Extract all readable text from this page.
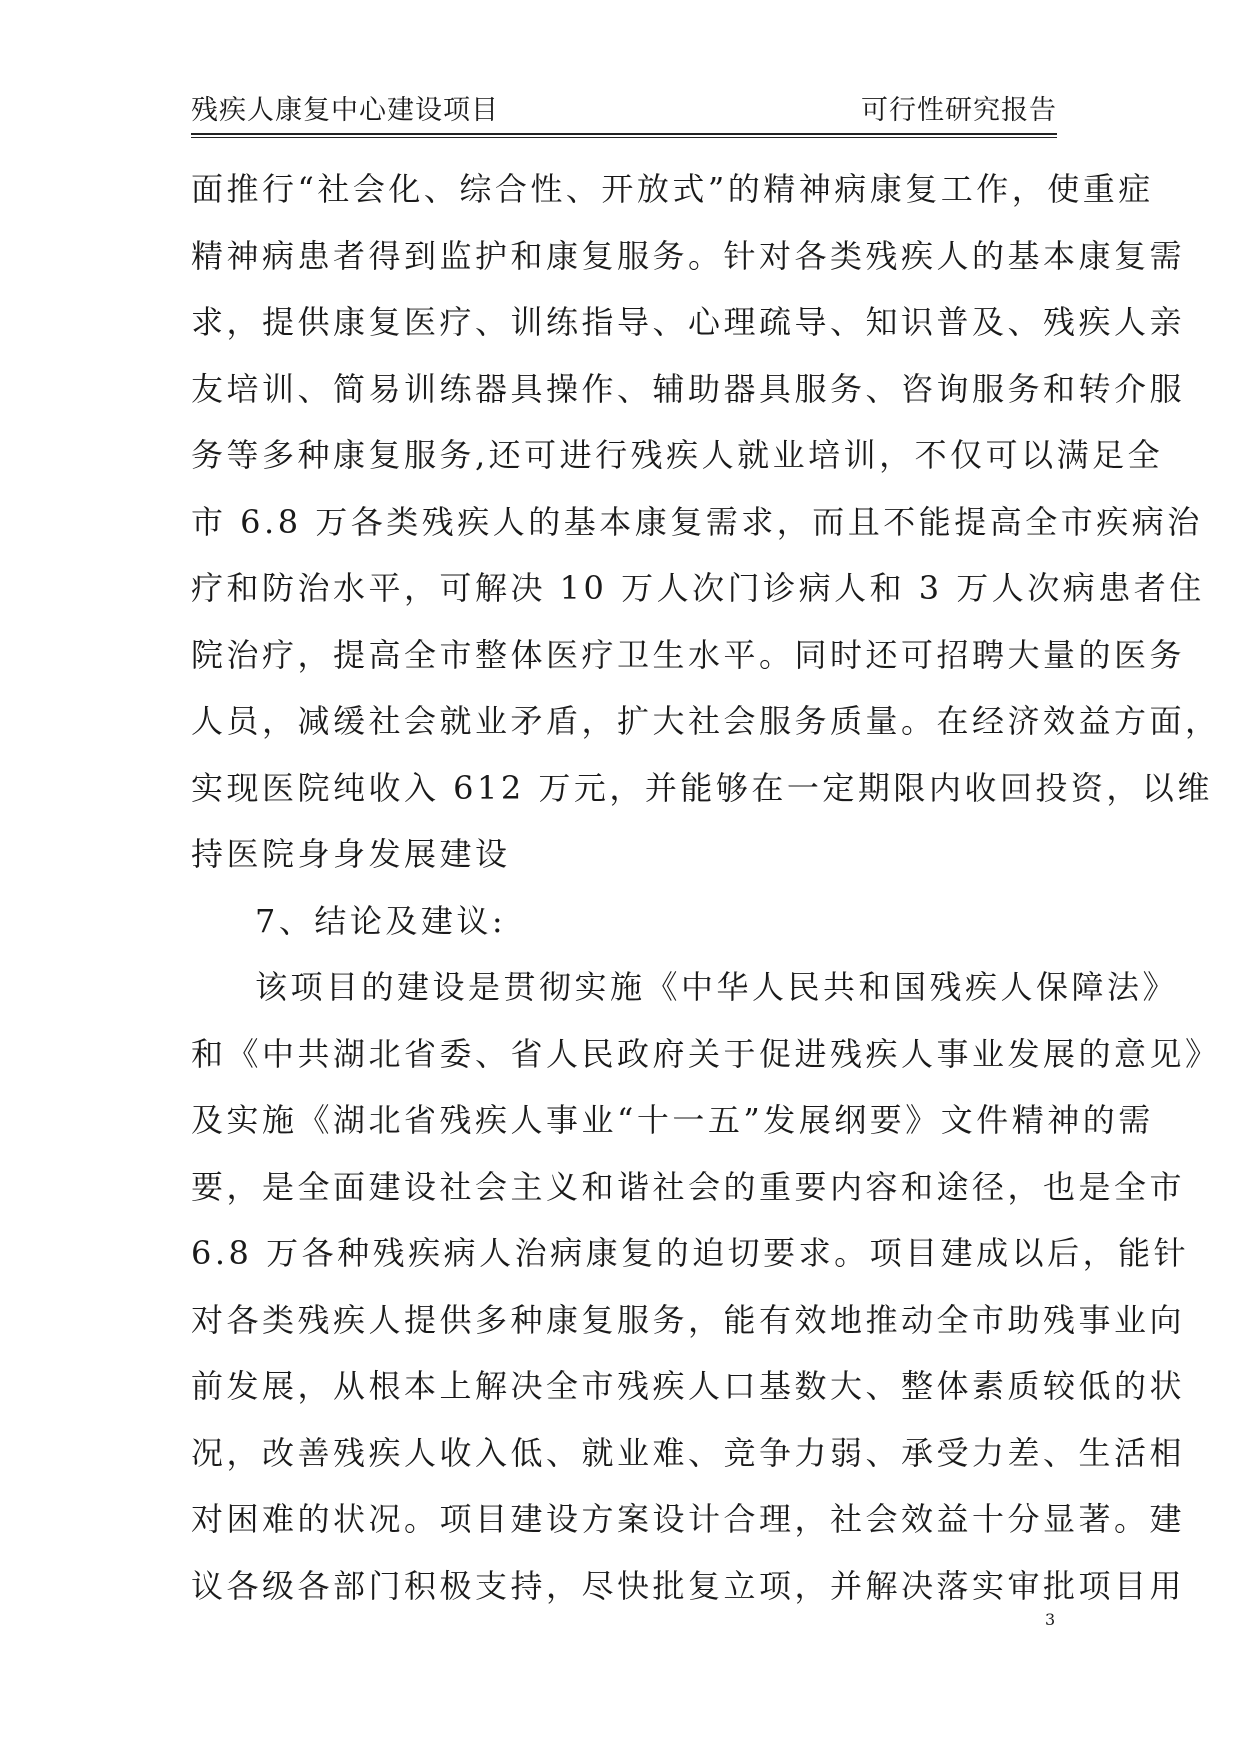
残疾人康复中心建设项目	可行性研究报告
面推行“社会化、综合性、开放式”的精神病康复工作，使重症
精神病患者得到监护和康复服务。针对各类残疾人的基本康复需
求，提供康复医疗、训练指导、心理疏导、知识普及、残疾人亲
友培训、简易训练器具操作、辅助器具服务、咨询服务和转介服
务等多种康复服务,还可进行残疾人就业培训，不仅可以满足全
市 6.8 万各类残疾人的基本康复需求，而且不能提高全市疾病治
疗和防治水平，可解决 10 万人次门诊病人和 3 万人次病患者住
院治疗，提高全市整体医疗卫生水平。同时还可招聘大量的医务
人员，减缓社会就业矛盾，扩大社会服务质量。在经济效益方面，
实现医院纯收入 612 万元，并能够在一定期限内收回投资，以维
持医院身身发展建设
7、结论及建议:
该项目的建设是贯彻实施《中华人民共和国残疾人保障法》
和《中共湖北省委、省人民政府关于促进残疾人事业发展的意见》
及实施《湖北省残疾人事业“十一五”发展纲要》文件精神的需
要，是全面建设社会主义和谐社会的重要内容和途径，也是全市
6.8 万各种残疾病人治病康复的迫切要求。项目建成以后，能针
对各类残疾人提供多种康复服务，能有效地推动全市助残事业向
前发展，从根本上解决全市残疾人口基数大、整体素质较低的状
况，改善残疾人收入低、就业难、竞争力弱、承受力差、生活相
对困难的状况。项目建设方案设计合理，社会效益十分显著。建
议各级各部门积极支持，尽快批复立项，并解决落实审批项目用
3
